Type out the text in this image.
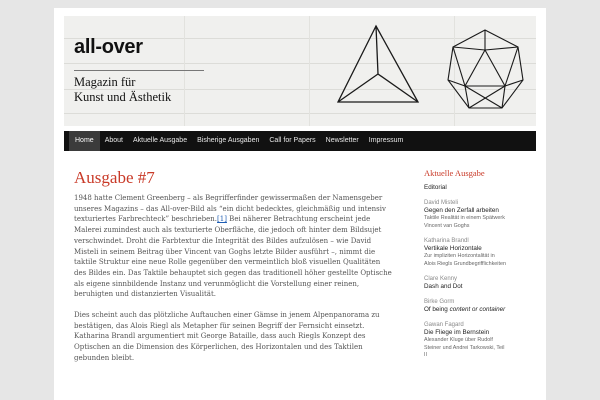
all-over
Magazin für
Kunst und Ästhetik
Home	About	Aktuelle Ausgabe	Bisherige Ausgaben	Call for Papers	Newsletter	Impressum
Ausgabe #7

1948 hatte Clement Greenberg – als Begrifferfinder gewissermaßen der Namensgeber unseres Magazins – das All-over-Bild als “ein dicht bedecktes, gleichmäßig und intensiv texturiertes Farbrechteck” beschrieben.[1] Bei näherer Betrachtung erscheint jede Malerei zumindest auch als texturierte Oberfläche, die jedoch oft hinter dem Bildsujet verschwindet. Droht die Farbtextur die Integrität des Bildes aufzulösen – wie David Misteli in seinem Beitrag über Vincent van Goghs letzte Bilder ausführt –, nimmt die taktile Struktur eine neue Rolle gegenüber den vermeintlich bloß visuellen Qualitäten des Bildes ein. Das Taktile behauptet sich gegen das traditionell höher gestellte Optische als eigene sinnbildende Instanz und verunmöglicht die Vorstellung einer reinen, beruhigten und distanzierten Visualität.

Dies scheint auch das plötzliche Auftauchen einer Gämse in jenem Alpenpanorama zu bestätigen, das Alois Riegl als Metapher für seinen Begriff der Fernsicht einsetzt. Katharina Brandl argumentiert mit George Bataille, dass auch Riegls Konzept des Optischen an die Dimension des Körperlichen, des Horizontalen und des Taktilen gebunden bleibt.

Aktuelle Ausgabe
Editorial
David Misteli
Gegen den Zerfall arbeiten
Taktile Realität in einem Spätwerk
Vincent van Goghs
Katharina Brandl
Vertikale Horizontale
Zur impliziten Horizontalität in
Alois Riegls Grundbegrifflichkeiten
Clare Kenny
Dash and Dot
Birke Gorm
Of being content or container
Gawan Fagard
Die Fliege im Bernstein
Alexander Kluge über Rudolf
Steiner und Andrei Tarkowski, Teil
II
